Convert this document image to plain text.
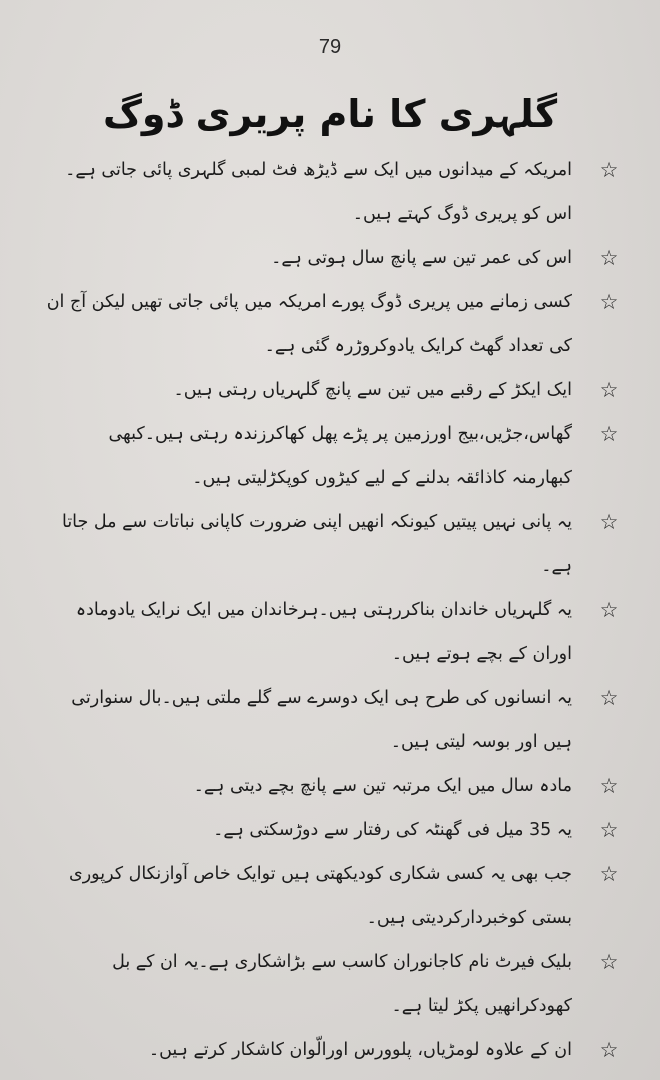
79
گلہری کا نام پریری ڈوگ
☆
امریکہ کے میدانوں میں ایک سے ڈیڑھ فٹ لمبی گلہری پائی جاتی ہے۔اس کو پریری ڈوگ کہتے ہیں۔
☆
اس کی عمر تین سے پانچ سال ہوتی ہے۔
☆
کسی زمانے میں پریری ڈوگ پورے امریکہ میں پائی جاتی تھیں لیکن آج ان کی تعداد گھٹ کرایک یادوکروڑرہ گئی ہے۔
☆
ایک ایکڑ کے رقبے میں تین سے پانچ گلہریاں رہتی ہیں۔
☆
گھاس،جڑیں،بیج اورزمین پر پڑے پھل کھاکرزندہ رہتی ہیں۔کبھی کبھارمنہ کاذائقہ بدلنے کے لیے کیڑوں کوپکڑلیتی ہیں۔
☆
یہ پانی نہیں پیتیں کیونکہ انھیں اپنی ضرورت کاپانی نباتات سے مل جاتا ہے۔
☆
یہ گلہریاں خاندان بناکررہتی ہیں۔ہرخاندان میں ایک نرایک یادومادہ اوران کے بچے ہوتے ہیں۔
☆
یہ انسانوں کی طرح ہی ایک دوسرے سے گلے ملتی ہیں۔بال سنوارتی ہیں اور بوسہ لیتی ہیں۔
☆
مادہ سال میں ایک مرتبہ تین سے پانچ بچے دیتی ہے۔
☆
یہ 35 میل فی گھنٹہ کی رفتار سے دوڑسکتی ہے۔
☆
جب بھی یہ کسی شکاری کودیکھتی ہیں توایک خاص آوازنکال کرپوری بستی کوخبردارکردیتی ہیں۔
☆
بلیک فیرٹ نام کاجانوران کاسب سے بڑاشکاری ہے۔یہ ان کے بل کھودکرانھیں پکڑ لیتا ہے۔
☆
ان کے علاوہ لومڑیاں، پلوورس اورالّوان کاشکار کرتے ہیں۔
